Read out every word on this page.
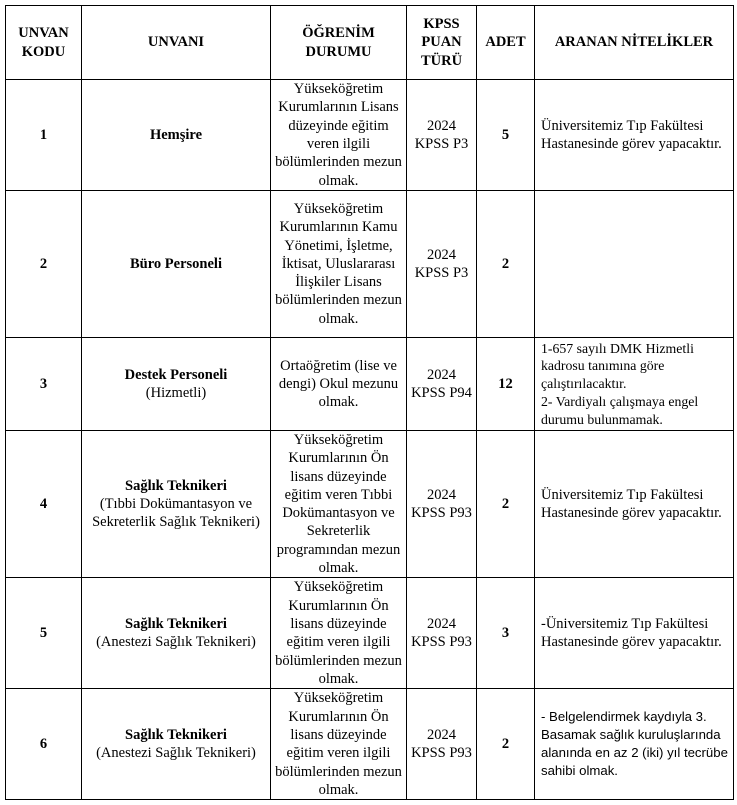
UNVAN KODU	UNVANI	ÖĞRENİM DURUMU	KPSS PUAN TÜRÜ	ADET	ARANAN NİTELİKLER
1	Hemşire	Yükseköğretim Kurumlarının Lisans düzeyinde eğitim veren ilgili bölümlerinden mezun olmak.	2024 KPSS P3	5	Üniversitemiz Tıp Fakültesi Hastanesinde görev yapacaktır.
2	Büro Personeli	Yükseköğretim Kurumlarının Kamu Yönetimi, İşletme, İktisat, Uluslararası İlişkiler Lisans bölümlerinden mezun olmak.	2024 KPSS P3	2	
3	Destek Personeli
(Hizmetli)	Ortaöğretim (lise ve dengi) Okul mezunu olmak.	2024 KPSS P94	12	1-657 sayılı DMK Hizmetli kadrosu tanımına göre çalıştırılacaktır.
2- Vardiyalı çalışmaya engel durumu bulunmamak.

4	Sağlık Teknikeri
(Tıbbi Dokümantasyon ve Sekreterlik Sağlık Teknikeri)	Yükseköğretim Kurumlarının Ön lisans düzeyinde eğitim veren Tıbbi Dokümantasyon ve Sekreterlik programından mezun olmak.	2024 KPSS P93	2	Üniversitemiz Tıp Fakültesi Hastanesinde görev yapacaktır.
5	Sağlık Teknikeri
(Anestezi Sağlık Teknikeri)	Yükseköğretim Kurumlarının Ön lisans düzeyinde eğitim veren ilgili bölümlerinden mezun olmak.	2024 KPSS P93	3	-Üniversitemiz Tıp Fakültesi Hastanesinde görev yapacaktır.
6	Sağlık Teknikeri
(Anestezi Sağlık Teknikeri)	Yükseköğretim Kurumlarının Ön lisans düzeyinde eğitim veren ilgili bölümlerinden mezun olmak.	2024 KPSS P93	2	- Belgelendirmek kaydıyla 3. Basamak sağlık kuruluşlarında alanında en az 2 (iki) yıl tecrübe sahibi olmak.
